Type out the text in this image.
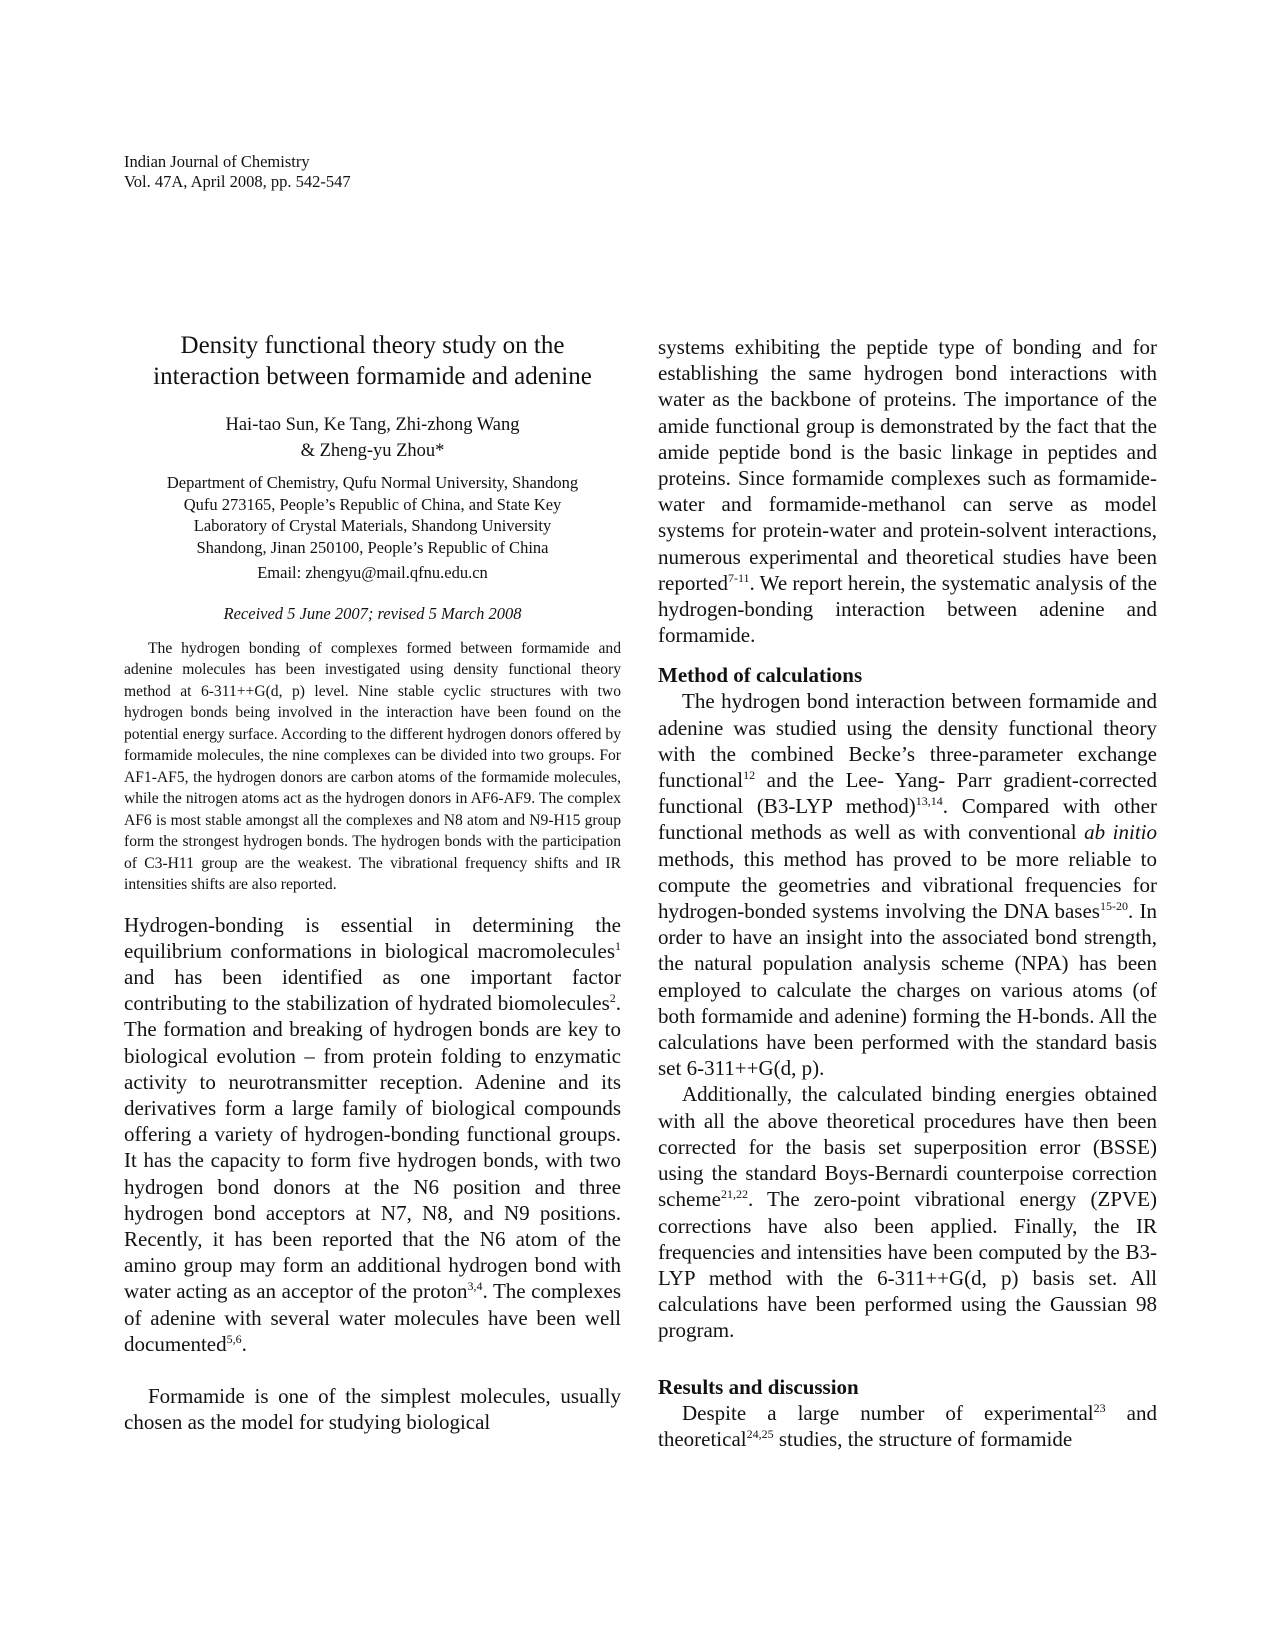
Indian Journal of Chemistry
Vol. 47A, April 2008, pp. 542-547
Density functional theory study on the
interaction between formamide and adenine
Hai-tao Sun, Ke Tang, Zhi-zhong Wang
& Zheng-yu Zhou*
Department of Chemistry, Qufu Normal University, Shandong
Qufu 273165, People’s Republic of China, and State Key
Laboratory of Crystal Materials, Shandong University
Shandong, Jinan 250100, People’s Republic of China
Email: zhengyu@mail.qfnu.edu.cn
Received 5 June 2007; revised 5 March 2008

The hydrogen bonding of complexes formed between formamide and adenine molecules has been investigated using density functional theory method at 6-311++G(d, p) level. Nine stable cyclic structures with two hydrogen bonds being involved in the interaction have been found on the potential energy surface. According to the different hydrogen donors offered by formamide molecules, the nine complexes can be divided into two groups. For AF1-AF5, the hydrogen donors are carbon atoms of the formamide molecules, while the nitrogen atoms act as the hydrogen donors in AF6-AF9. The complex AF6 is most stable amongst all the complexes and N8 atom and N9-H15 group form the strongest hydrogen bonds. The hydrogen bonds with the participation of C3-H11 group are the weakest. The vibrational frequency shifts and IR intensities shifts are also reported.

Hydrogen-bonding is essential in determining the equilibrium conformations in biological macromolecules$^1$ and has been identified as one important factor contributing to the stabilization of hydrated biomolecules$^2$. The formation and breaking of hydrogen bonds are key to biological evolution – from protein folding to enzymatic activity to neurotransmitter reception. Adenine and its derivatives form a large family of biological compounds offering a variety of hydrogen-bonding functional groups. It has the capacity to form five hydrogen bonds, with two hydrogen bond donors at the N6 position and three hydrogen bond acceptors at N7, N8, and N9 positions. Recently, it has been reported that the N6 atom of the amino group may form an additional hydrogen bond with water acting as an acceptor of the proton$^{3,4}$. The complexes of adenine with several water molecules have been well documented$^{5,6}$.

Formamide is one of the simplest molecules, usually chosen as the model for studying biological

systems exhibiting the peptide type of bonding and for establishing the same hydrogen bond interactions with water as the backbone of proteins. The importance of the amide functional group is demonstrated by the fact that the amide peptide bond is the basic linkage in peptides and proteins. Since formamide complexes such as formamide-water and formamide-methanol can serve as model systems for protein-water and protein-solvent interactions, numerous experimental and theoretical studies have been reported$^{7-11}$. We report herein, the systematic analysis of the hydrogen-bonding interaction between adenine and formamide.

Method of calculations

The hydrogen bond interaction between formamide and adenine was studied using the density functional theory with the combined Becke’s three-parameter exchange functional$^{12}$ and the Lee- Yang- Parr gradient-corrected functional (B3-LYP method)$^{13,14}$. Compared with other functional methods as well as with conventional ab initio methods, this method has proved to be more reliable to compute the geometries and vibrational frequencies for hydrogen-bonded systems involving the DNA bases$^{15-20}$. In order to have an insight into the associated bond strength, the natural population analysis scheme (NPA) has been employed to calculate the charges on various atoms (of both formamide and adenine) forming the H-bonds. All the calculations have been performed with the standard basis set 6-311++G(d, p).

Additionally, the calculated binding energies obtained with all the above theoretical procedures have then been corrected for the basis set superposition error (BSSE) using the standard Boys-Bernardi counterpoise correction scheme$^{21,22}$. The zero-point vibrational energy (ZPVE) corrections have also been applied. Finally, the IR frequencies and intensities have been computed by the B3-LYP method with the 6-311++G(d, p) basis set. All calculations have been performed using the Gaussian 98 program.

Results and discussion

Despite a large number of experimental$^{23}$ and theoretical$^{24,25}$ studies, the structure of formamide
